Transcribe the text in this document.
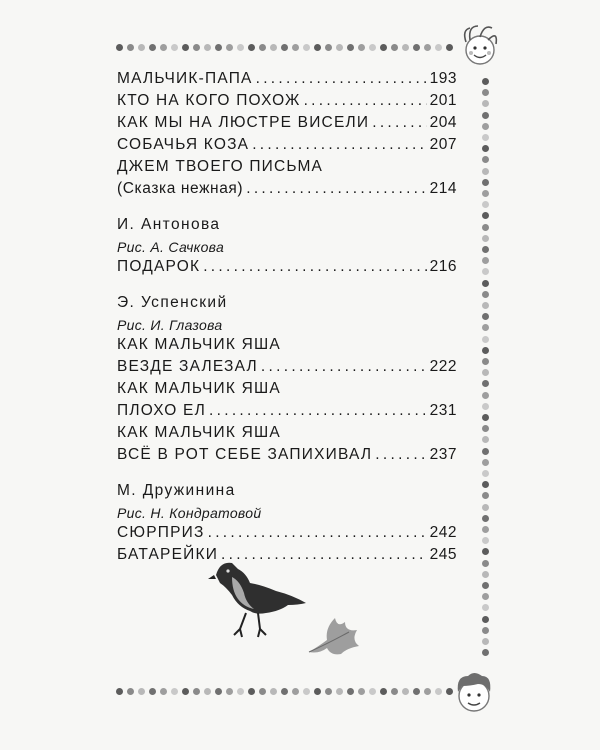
МАЛЬЧИК-ПАПА . . .	193
КТО НА КОГО ПОХОЖ . . .	201
КАК МЫ НА ЛЮСТРЕ ВИСЕЛИ . . .	204
СОБАЧЬЯ КОЗА . . .	207
ДЖЕМ ТВОЕГО ПИСЬМА
(Сказка нежная) . . .	214
И. Антонова
Рис. А. Сачкова
ПОДАРОК . . .	216
Э. Успенский
Рис. И. Глазова
КАК МАЛЬЧИК ЯША
ВЕЗДЕ ЗАЛЕЗАЛ . . .	222
КАК МАЛЬЧИК ЯША
ПЛОХО ЕЛ . . .	231
КАК МАЛЬЧИК ЯША
ВСЁ В РОТ СЕБЕ ЗАПИХИВАЛ . . .	237
М. Дружинина
Рис. Н. Кондратовой
СЮРПРИЗ . . .	242
БАТАРЕЙКИ . . .	245
